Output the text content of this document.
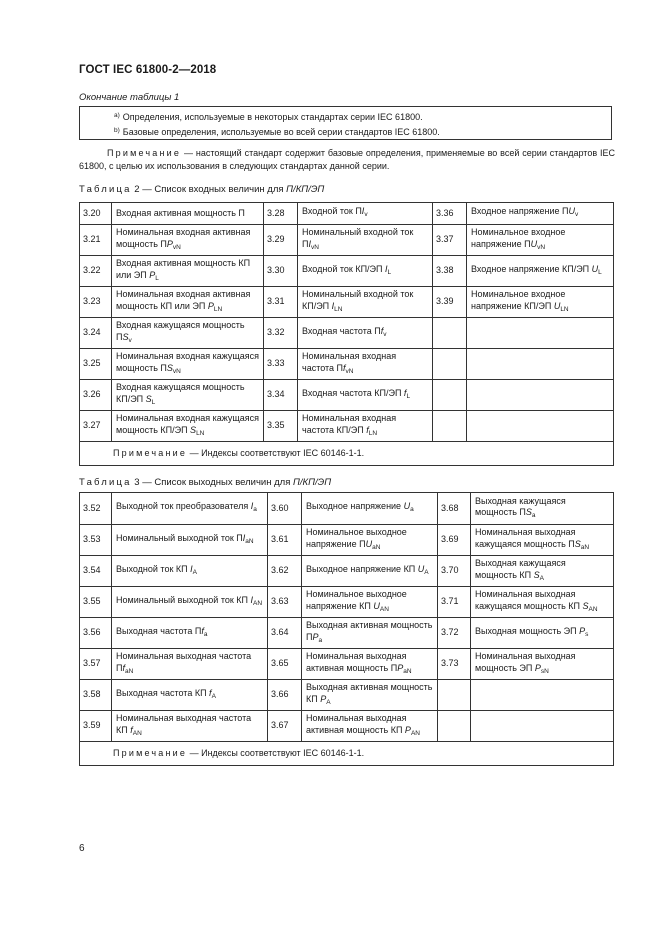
ГОСТ IEC 61800-2—2018
Окончание таблицы 1
$^{a)}$ Определения, используемые в некоторых стандартах серии IEC 61800.
$^{b)}$ Базовые определения, используемые во всей серии стандартов IEC 61800.
Примечание — настоящий стандарт содержит базовые определения, применяемые во всей серии стандартов IEC 61800, с целью их использования в следующих стандартах данной серии.
Таблица 2 — Список входных величин для П/КП/ЭП
3.20	Входная активная мощность П	3.28	Входной ток $ПI_v$	3.36	Входное напряжение $ПU_v$
3.21	Номинальная входная активная мощность $ПP_{vN}$	3.29	Номинальный входной ток $ПI_{vN}$	3.37	Номинальное входное напряжение $ПU_{vN}$
3.22	Входная активная мощность КП или ЭП $P_L$	3.30	Входной ток КП/ЭП $I_L$	3.38	Входное напряжение КП/ЭП $U_L$
3.23	Номинальная входная активная мощность КП или ЭП $P_{LN}$	3.31	Номинальный входной ток КП/ЭП $I_{LN}$	3.39	Номинальное входное напряжение КП/ЭП $U_{LN}$
3.24	Входная кажущаяся мощность $ПS_v$	3.32	Входная частота $Пf_v$		
3.25	Номинальная входная кажущаяся мощность $ПS_{vN}$	3.33	Номинальная входная частота $Пf_{vN}$		
3.26	Входная кажущаяся мощность КП/ЭП $S_L$	3.34	Входная частота КП/ЭП $f_L$		
3.27	Номинальная входная кажущаяся мощность КП/ЭП $S_{LN}$	3.35	Номинальная входная частота КП/ЭП $f_{LN}$		
Примечание — Индексы соответствуют IEC 60146-1-1.					
Таблица 3 — Список выходных величин для П/КП/ЭП
3.52	Выходной ток преобразователя $I_a$	3.60	Выходное напряжение $U_a$	3.68	Выходная кажущаяся мощность $ПS_a$
3.53	Номинальный выходной ток $ПI_{aN}$	3.61	Номинальное выходное напряжение $ПU_{aN}$	3.69	Номинальная выходная кажущаяся мощность $ПS_{aN}$
3.54	Выходной ток КП $I_A$	3.62	Выходное напряжение КП $U_A$	3.70	Выходная кажущаяся мощность КП $S_A$
3.55	Номинальный выходной ток КП $I_{AN}$	3.63	Номинальное выходное напряжение КП $U_{AN}$	3.71	Номинальная выходная кажущаяся мощность КП $S_{AN}$
3.56	Выходная частота $Пf_a$	3.64	Выходная активная мощность $ПP_a$	3.72	Выходная мощность ЭП $P_s$
3.57	Номинальная выходная частота $Пf_{aN}$	3.65	Номинальная выходная активная мощность $ПP_{aN}$	3.73	Номинальная выходная мощность ЭП $P_{sN}$
3.58	Выходная частота КП $f_A$	3.66	Выходная активная мощность КП $P_A$		
3.59	Номинальная выходная частота КП $f_{AN}$	3.67	Номинальная выходная активная мощность КП $P_{AN}$		
Примечание — Индексы соответствуют IEC 60146-1-1.					
6
